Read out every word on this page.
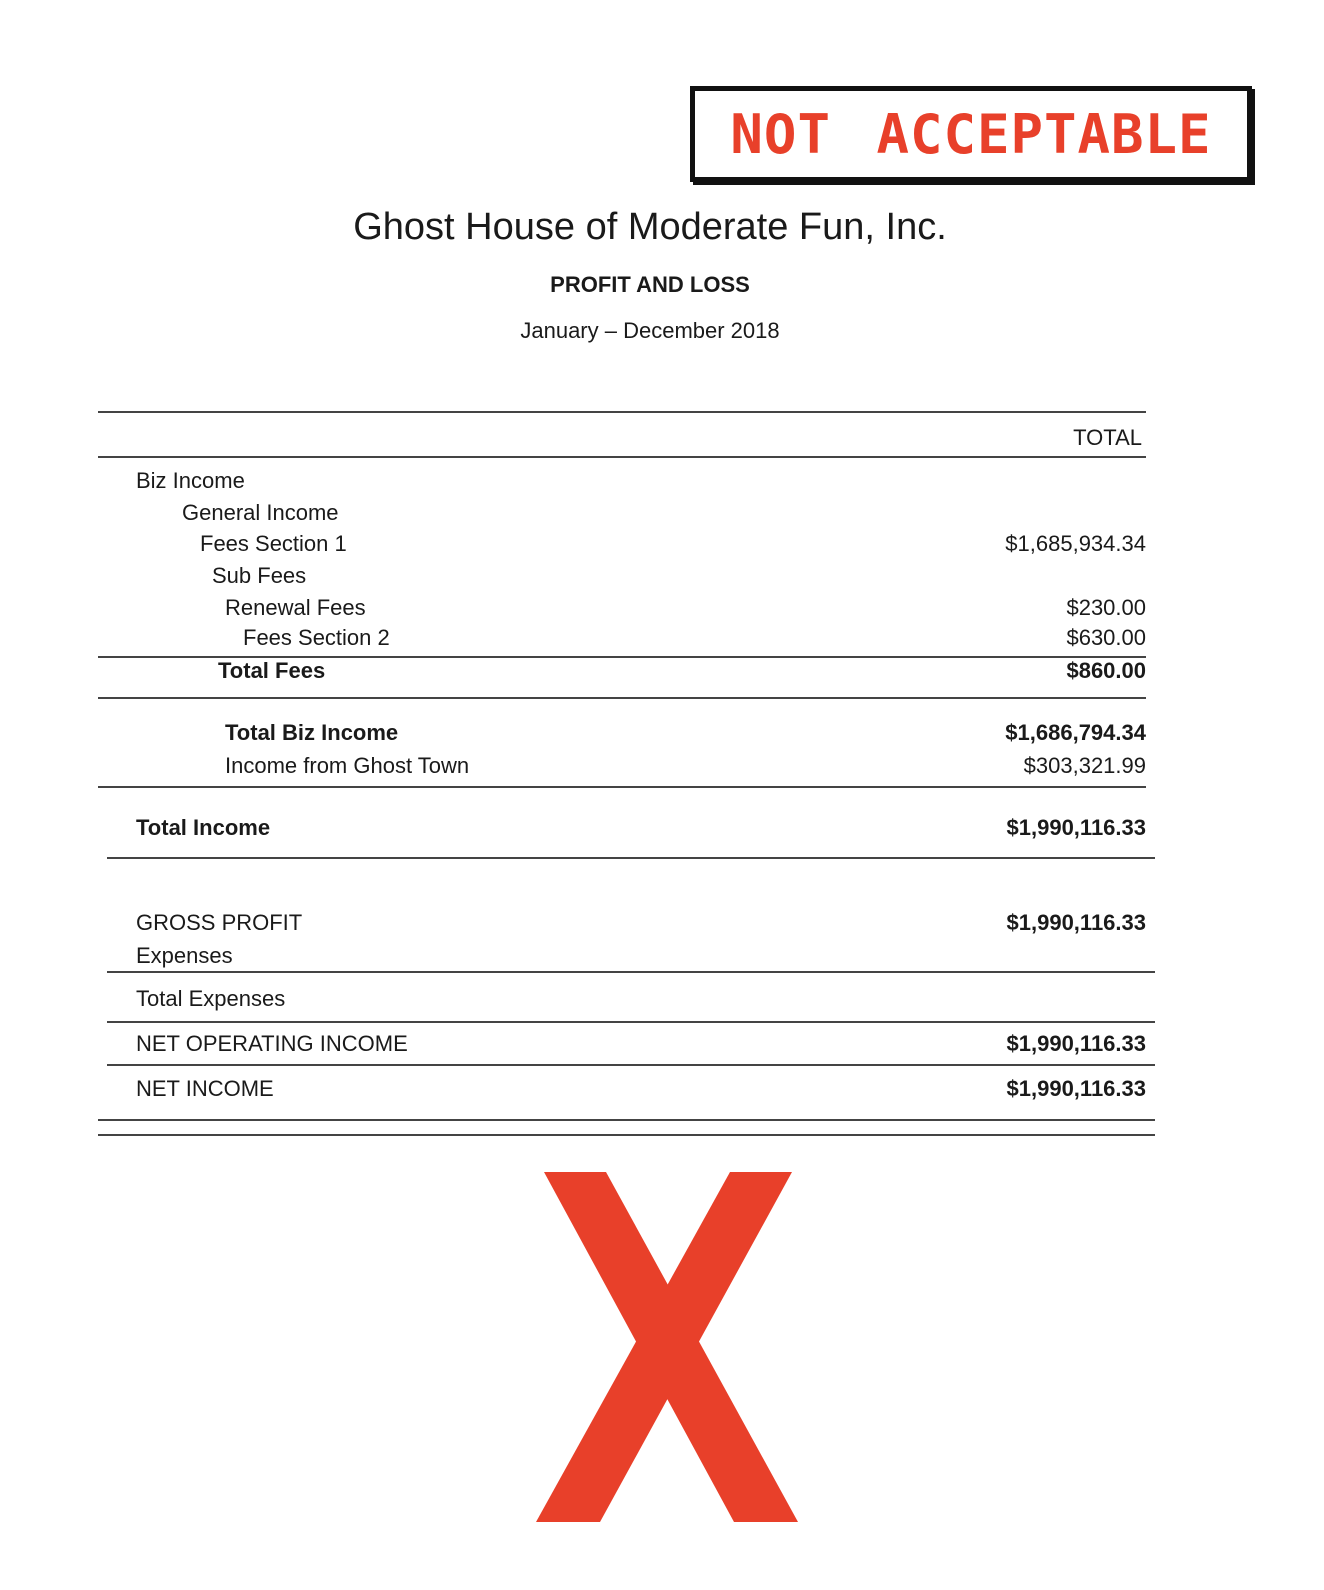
NOT ACCEPTABLE
Ghost House of Moderate Fun, Inc.
PROFIT AND LOSS
January – December 2018
TOTAL
Biz Income
General Income
Fees Section 1	$1,685,934.34
Sub Fees
Renewal Fees	$230.00
Fees Section 2	$630.00
Total Fees	$860.00
Total Biz Income	$1,686,794.34
Income from Ghost Town	$303,321.99
Total Income	$1,990,116.33
GROSS PROFIT	$1,990,116.33
Expenses
Total Expenses
NET OPERATING INCOME	$1,990,116.33
NET INCOME	$1,990,116.33
